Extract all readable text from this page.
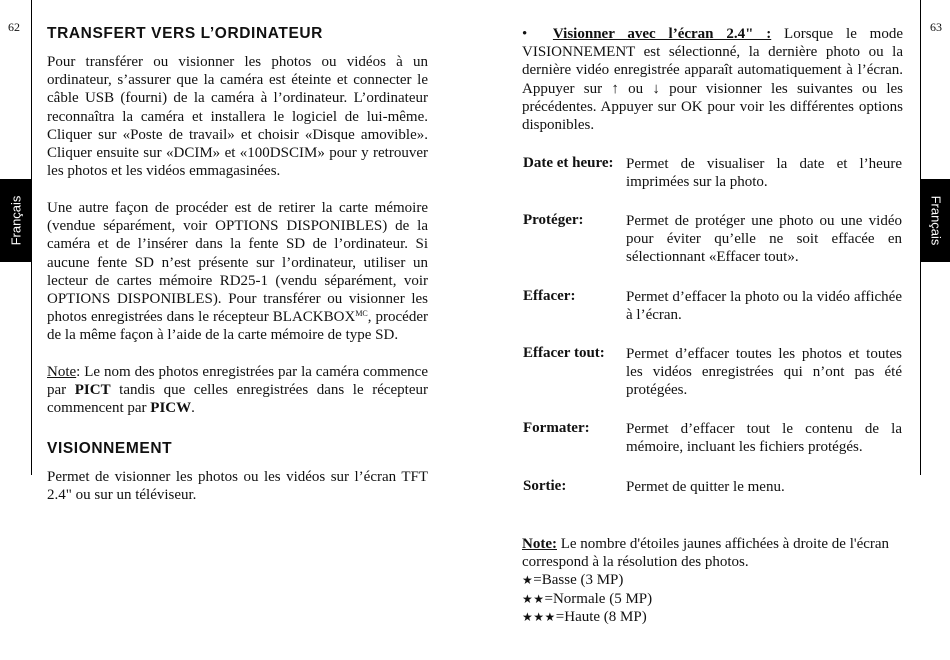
62
Français
TRANSFERT VERS L’ORDINATEUR

Pour transférer ou visionner les photos ou vidéos à un ordinateur, s’assurer que la caméra est éteinte et connecter le câble USB (fourni) de la caméra à l’ordinateur. L’ordinateur reconnaîtra la caméra et installera le logiciel de lui-même. Cliquer sur «Poste de travail» et choisir «Disque amovible». Cliquer ensuite sur «DCIM» et «100DSCIM» pour y retrouver les photos et les vidéos emmagasinées.

Une autre façon de procéder est de retirer la carte mémoire (vendue séparément, voir OPTIONS DISPONIBLES) de la caméra et de l’insérer dans la fente SD de l’ordinateur. Si aucune fente SD n’est présente sur l’ordinateur, utiliser un lecteur de cartes mémoire RD25-1 (vendu séparément, voir OPTIONS DISPONIBLES). Pour transférer ou visionner les photos enregistrées dans le récepteur $BLACKBOX^{MC}$, procéder de la même façon à l’aide de la carte mémoire de type SD.

Note: Le nom des photos enregistrées par la caméra commence par PICT tandis que celles enregistrées dans le récepteur commencent par PICW.

VISIONNEMENT

Permet de visionner les photos ou les vidéos sur l’écran TFT 2.4" ou sur un téléviseur.

63
Français

• Visionner avec l’écran 2.4" : Lorsque le mode VISIONNEMENT est sélectionné, la dernière photo ou la dernière vidéo enregistrée apparaît automatiquement à l’écran. Appuyer sur ↑ ou ↓ pour visionner les suivantes ou les précédentes. Appuyer sur OK pour voir les différentes options disponibles.

Date et heure: Permet de visualiser la date et l’heure imprimées sur la photo.

Protéger:	Permet de protéger une photo ou une vidéo pour éviter qu’elle ne soit effacée en sélectionnant «Effacer tout».

Effacer:	Permet d’effacer la photo ou la vidéo affichée à l’écran.

Effacer tout: Permet d’effacer toutes les photos et toutes les vidéos enregistrées qui n’ont pas été protégées.

Formater: Permet d’effacer tout le contenu de la mémoire, incluant les fichiers protégés.

Sortie:	Permet de quitter le menu.

Note: Le nombre d'étoiles jaunes affichées à droite de l'écran correspond à la résolution des photos.

★=Basse (3 MP)

★★=Normale (5 MP)

★★★=Haute (8 MP)
